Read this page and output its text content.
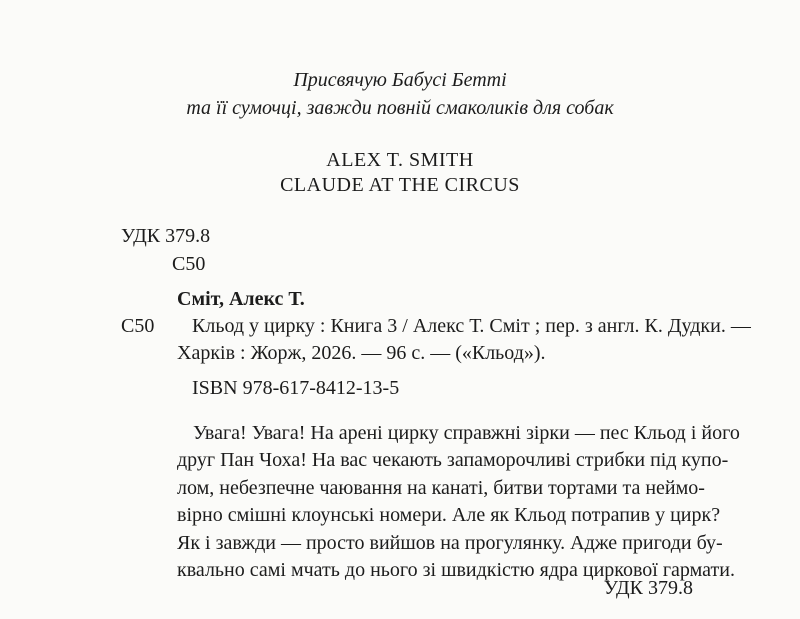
Присвячую Бабусі Бетті
та її сумочці, завжди повній смаколиків для собак
ALEX T. SMITH
CLAUDE AT THE CIRCUS
УДК 379.8
С50
Сміт, Алекс Т.
С50 Кльод у цирку : Книга 3 / Алекс Т. Сміт ; пер. з англ. К. Дудки. —
Харків : Жорж, 2026. — 96 с. — («Кльод»).
ISBN 978-617-8412-13-5
Увага! Увага! На арені цирку справжні зірки — пес Кльод і його
друг Пан Чоха! На вас чекають запаморочливі стрибки під купо-
лом, небезпечне чаювання на канаті, битви тортами та неймо-
вірно смішні клоунські номери. Але як Кльод потрапив у цирк?
Як і завжди — просто вийшов на прогулянку. Адже пригоди бу-
квально самі мчать до нього зі швидкістю ядра циркової гармати.
УДК 379.8
